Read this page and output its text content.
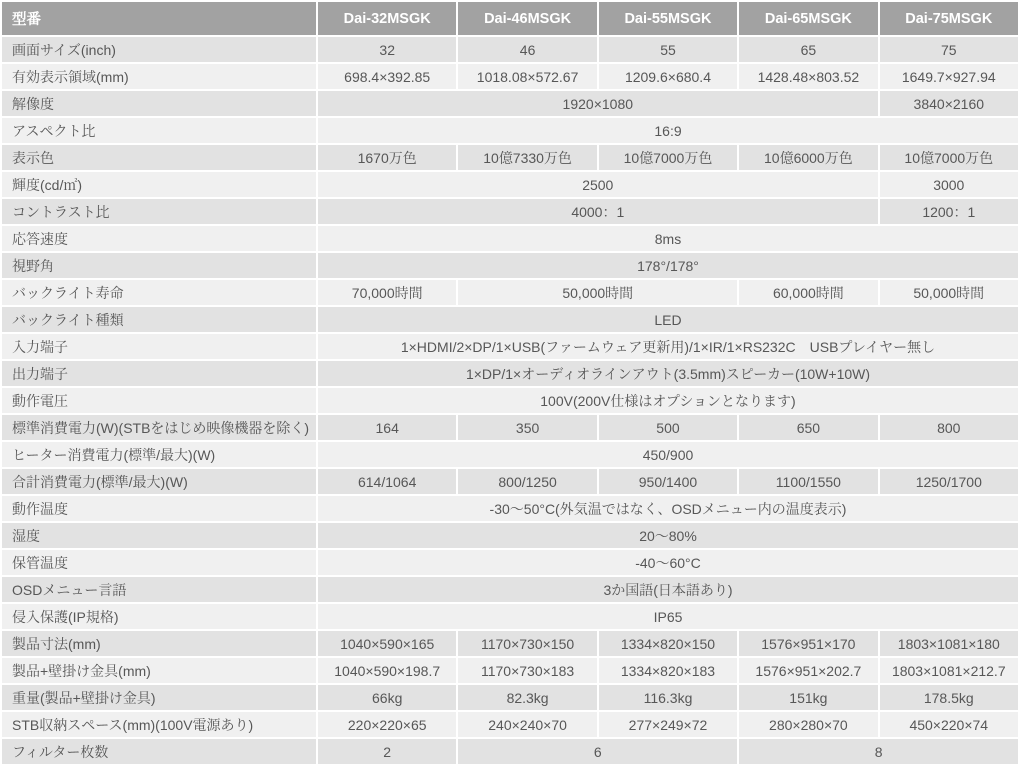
型番	Dai-32MSGK	Dai-46MSGK	Dai-55MSGK	Dai-65MSGK	Dai-75MSGK
画面サイズ(inch)	32	46	55	65	75
有効表示領域(mm)	698.4×392.85	1018.08×572.67	1209.6×680.4	1428.48×803.52	1649.7×927.94
解像度	1920×1080				3840×2160
アスペクト比	16:9				
表示色	1670万色	10億7330万色	10億7000万色	10億6000万色	10億7000万色
輝度(cd/㎡)	2500				3000
コントラスト比	4000：1				1200：1
応答速度	8ms				
視野角	178°/178°				
バックライト寿命	70,000時間	50,000時間		60,000時間	50,000時間
バックライト種類	LED				
入力端子	1×HDMI/2×DP/1×USB(ファームウェア更新用)/1×IR/1×RS232C　USBプレイヤー無し				
出力端子	1×DP/1×オーディオラインアウト(3.5mm)スピーカー(10W+10W)				
動作電圧	100V(200V仕様はオプションとなります)				
標準消費電力(W)(STBをはじめ映像機器を除く)	164	350	500	650	800
ヒーター消費電力(標準/最大)(W)	450/900				
合計消費電力(標準/最大)(W)	614/1064	800/1250	950/1400	1100/1550	1250/1700
動作温度	-30〜50°C(外気温ではなく、OSDメニュー内の温度表示)				
湿度	20〜80%				
保管温度	-40〜60°C				
OSDメニュー言語	3か国語(日本語あり)				
侵入保護(IP規格)	IP65				
製品寸法(mm)	1040×590×165	1170×730×150	1334×820×150	1576×951×170	1803×1081×180
製品+壁掛け金具(mm)	1040×590×198.7	1170×730×183	1334×820×183	1576×951×202.7	1803×1081×212.7
重量(製品+壁掛け金具)	66kg	82.3kg	116.3kg	151kg	178.5kg
STB収納スペース(mm)(100V電源あり)	220×220×65	240×240×70	277×249×72	280×280×70	450×220×74
フィルター枚数	2	6		8	
